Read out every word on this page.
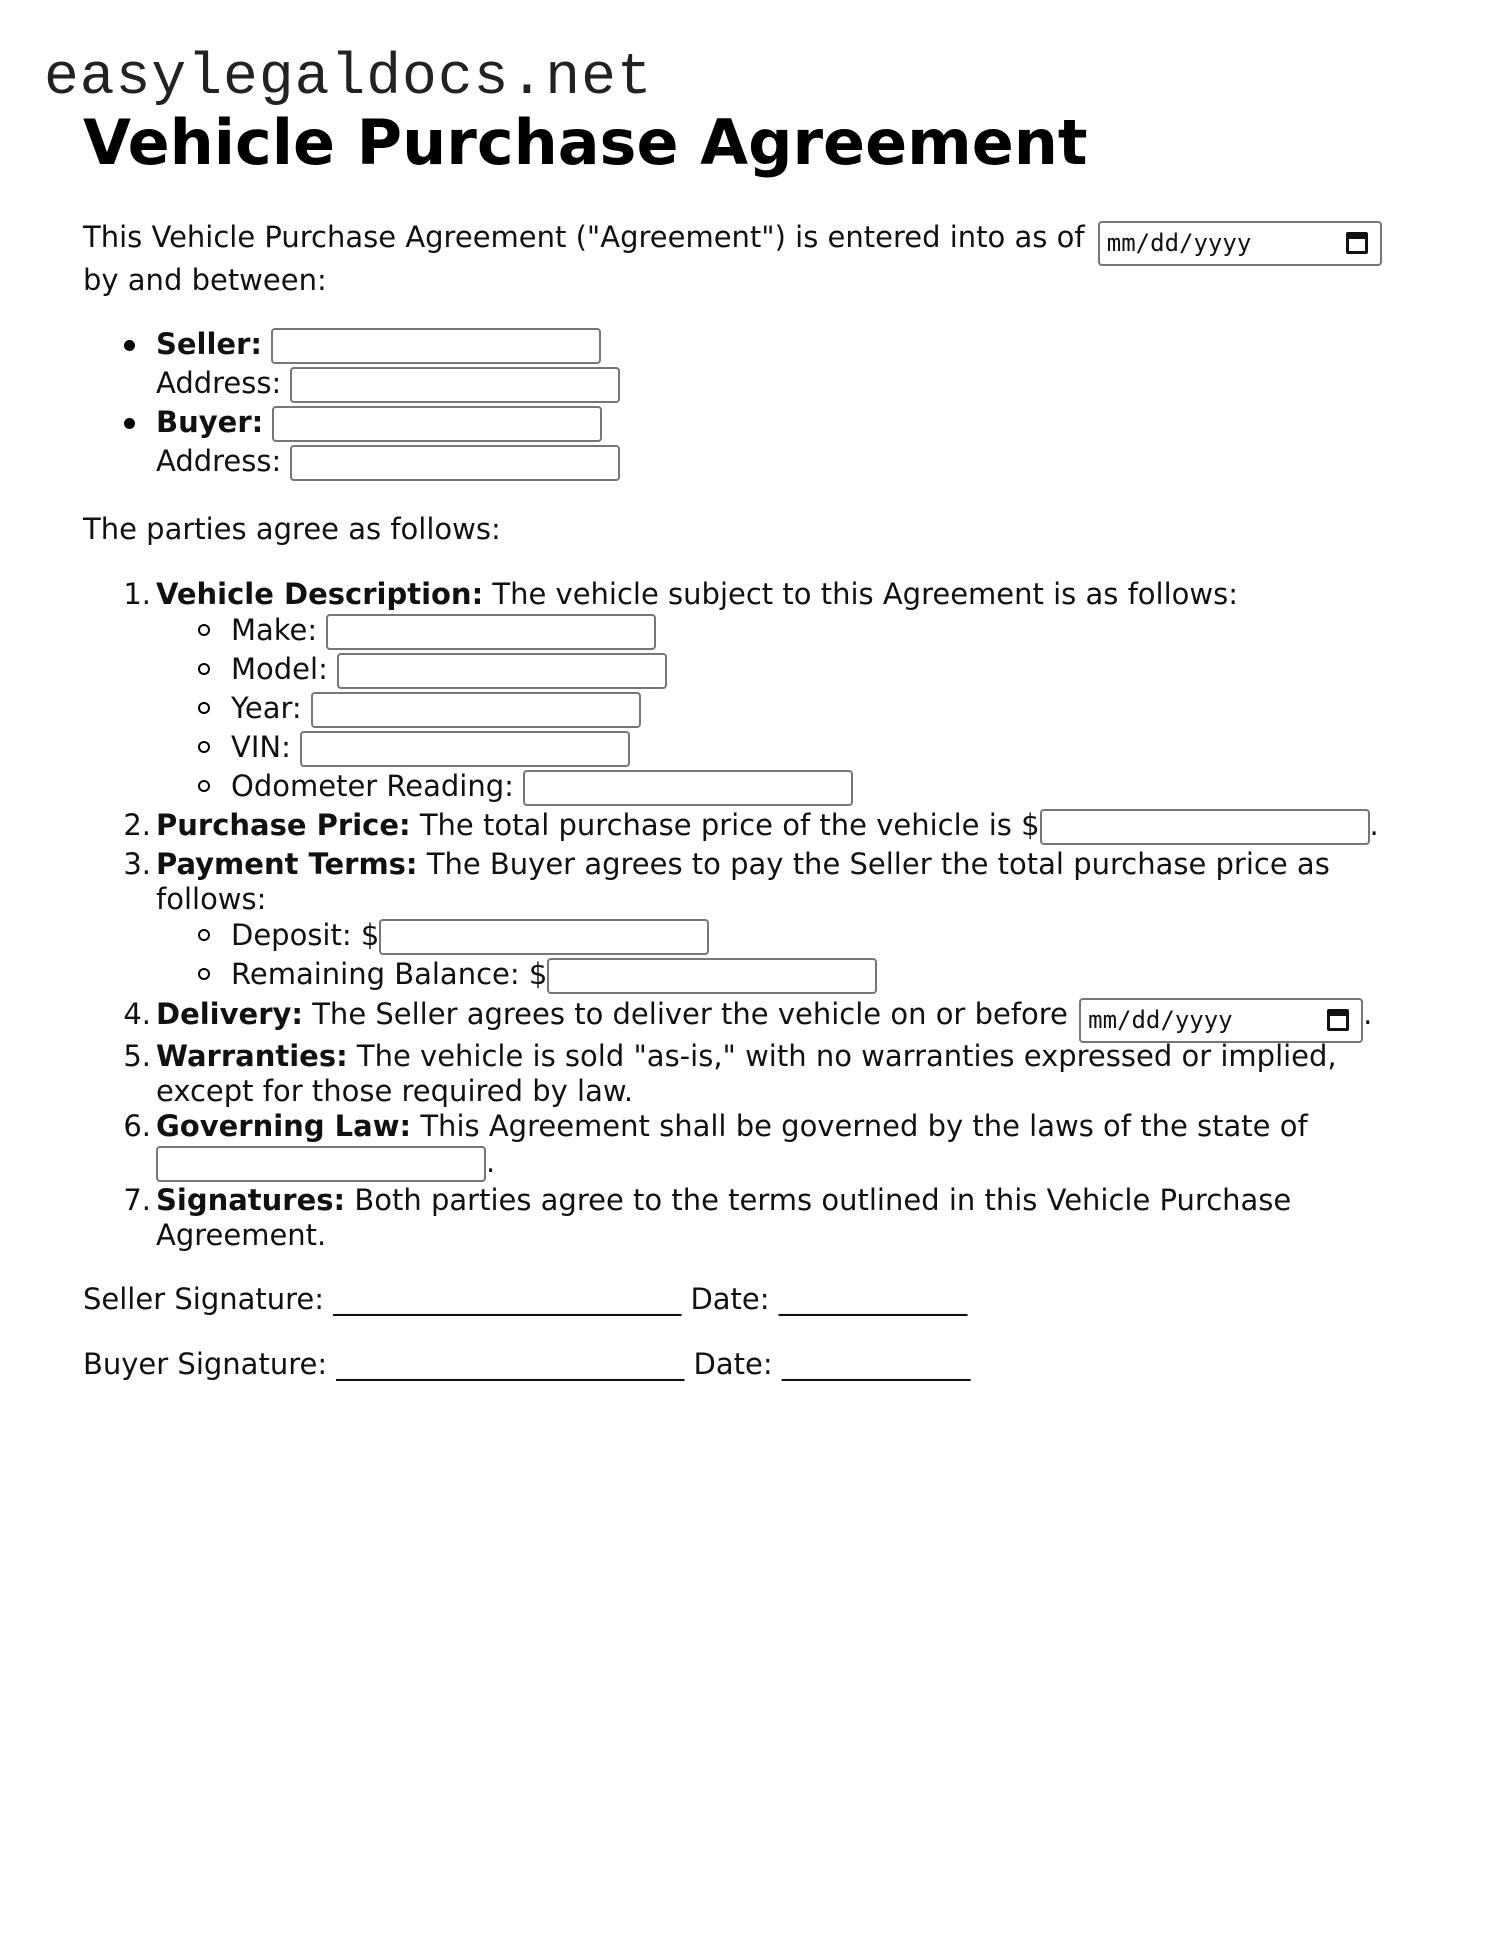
easylegaldocs.net
Vehicle Purchase Agreement
This Vehicle Purchase Agreement ("Agreement") is entered into as of mm/dd/yyyy
by and between:
Seller:
Address:
Buyer:
Address:
The parties agree as follows:
1. Vehicle Description: The vehicle subject to this Agreement is as follows:
Make:
Model:
Year:
VIN:
Odometer Reading:
2. Purchase Price: The total purchase price of the vehicle is $	.
3. Payment Terms: The Buyer agrees to pay the Seller the total purchase price as
follows:
Deposit: $
Remaining Balance: $
4. Delivery: The Seller agrees to deliver the vehicle on or before mm/dd/yyyy	.
5. Warranties: The vehicle is sold "as-is," with no warranties expressed or implied,
except for those required by law.
6. Governing Law: This Agreement shall be governed by the laws of the state of
.
7. Signatures: Both parties agree to the terms outlined in this Vehicle Purchase
Agreement.
Seller Signature: ________________________ Date: _____________
Buyer Signature: ________________________ Date: _____________
